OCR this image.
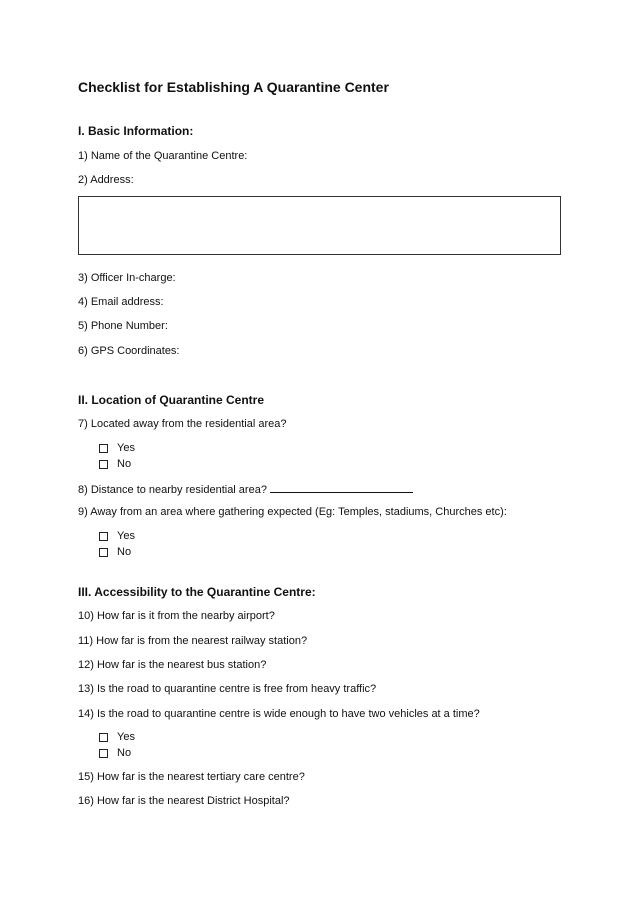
Checklist for Establishing A Quarantine Center
I. Basic Information:
1) Name of the Quarantine Centre:
2) Address:
3) Officer In-charge:
4) Email address:
5) Phone Number:
6) GPS Coordinates:
II. Location of Quarantine Centre
7) Located away from the residential area?
Yes
No
8) Distance to nearby residential area?
9) Away from an area where gathering expected (Eg: Temples, stadiums, Churches etc):
Yes
No
III. Accessibility to the Quarantine Centre:
10) How far is it from the nearby airport?
11) How far is from the nearest railway station?
12) How far is the nearest bus station?
13) Is the road to quarantine centre is free from heavy traffic?
14) Is the road to quarantine centre is wide enough to have two vehicles at a time?
Yes
No
15) How far is the nearest tertiary care centre?
16) How far is the nearest District Hospital?
